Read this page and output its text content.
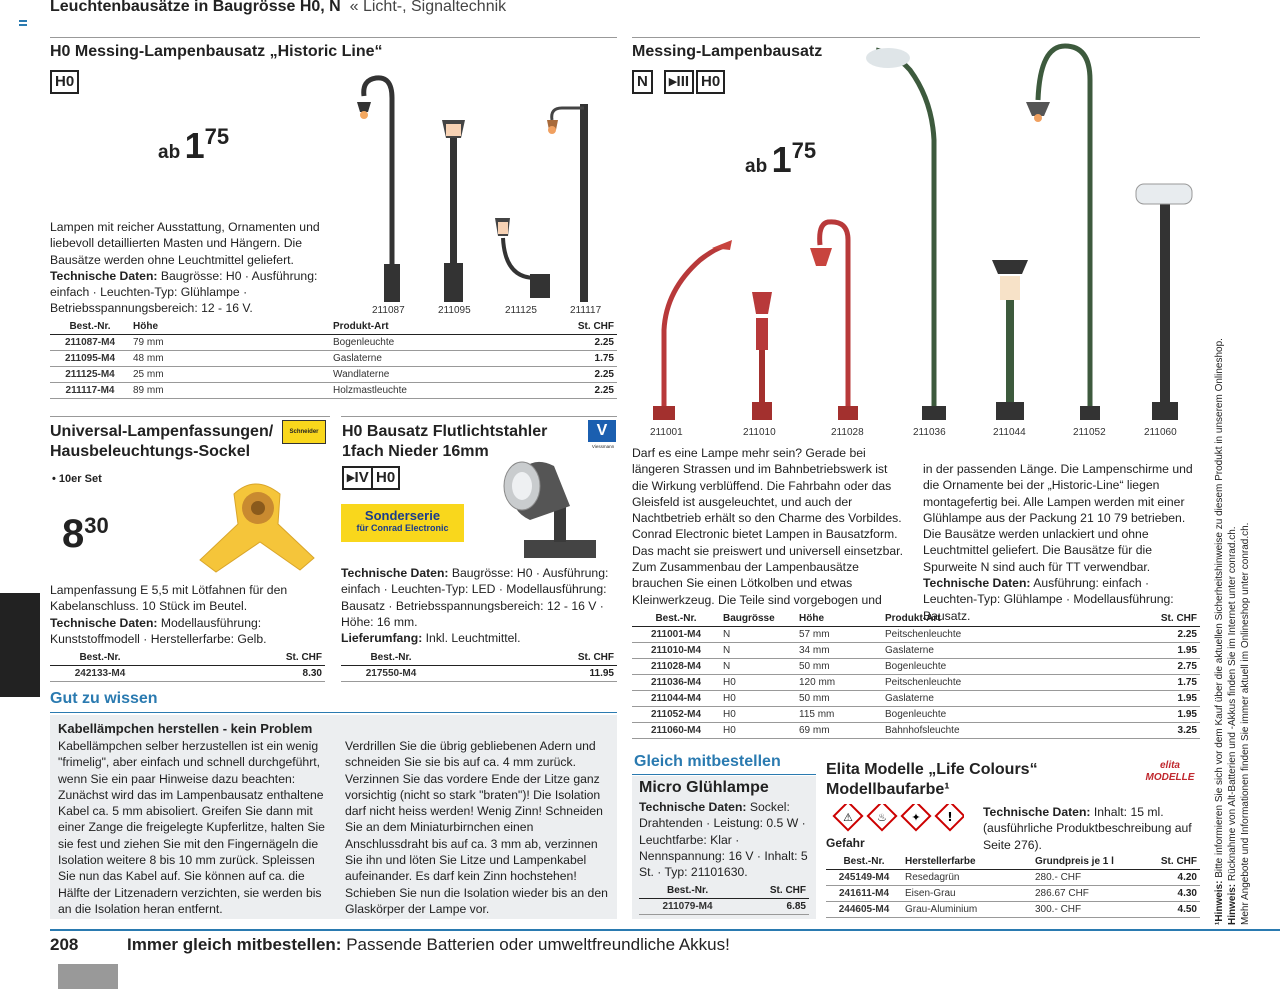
Leuchtenbausätze in Baugrösse H0, N « Licht-, Signaltechnik
H0 Messing-Lampenbausatz „Historic Line“
H0
ab $1^{75}$
211087	211095	211125	211117
Lampen mit reicher Ausstattung, Ornamenten und liebevoll detaillierten Masten und Hängern. Die Bausätze werden ohne Leuchtmittel geliefert.
Technische Daten: Baugrösse: H0 · Ausführung: einfach · Leuchten-Typ: Glühlampe · Betriebsspannungsbereich: 12 - 16 V.
Best.-Nr.	Höhe	Produkt-Art	St. CHF
211087-M4	79 mm	Bogenleuchte	2.25
211095-M4	48 mm	Gaslaterne	1.75
211125-M4	25 mm	Wandlaterne	2.25
211117-M4	89 mm	Holzmastleuchte	2.25
Messing-Lampenbausatz
N	▸III H0
ab $1^{75}$
211001	211010	211028	211036	211044	211052	211060
Darf es eine Lampe mehr sein? Gerade bei längeren Strassen und im Bahnbetriebswerk ist die Wirkung verblüffend. Die Fahrbahn oder das Gleisfeld ist ausgeleuchtet, und auch der Nachtbetrieb erhält so den Charme des Vorbildes. Conrad Electronic bietet Lampen in Bausatzform. Das macht sie preiswert und universell einsetzbar. Zum Zusammenbau der Lampenbausätze brauchen Sie einen Lötkolben und etwas Kleinwerkzeug. Die Teile sind vorgebogen und
in der passenden Länge. Die Lampenschirme und die Ornamente bei der „Historic-Line“ liegen montagefertig bei. Alle Lampen werden mit einer Glühlampe aus der Packung 21 10 79 betrieben. Die Bausätze werden unlackiert und ohne Leuchtmittel geliefert. Die Bausätze für die Spurweite N sind auch für TT verwendbar.
Technische Daten: Ausführung: einfach · Leuchten-Typ: Glühlampe · Modellausführung: Bausatz.
Best.-Nr.	Baugrösse	Höhe	Produkt-Art	St. CHF
211001-M4	N	57 mm	Peitschenleuchte	2.25
211010-M4	N	34 mm	Gaslaterne	1.95
211028-M4	N	50 mm	Bogenleuchte	2.75
211036-M4	H0	120 mm	Peitschenleuchte	1.75
211044-M4	H0	50 mm	Gaslaterne	1.95
211052-M4	H0	115 mm	Bogenleuchte	1.95
211060-M4	H0	69 mm	Bahnhofsleuchte	3.25
Universal-Lampenfassungen/ Hausbeleuchtungs-Sockel
Schneider
• 10er Set
$8^{30}$
Lampenfassung E 5,5 mit Lötfahnen für den Kabelanschluss. 10 Stück im Beutel.
Technische Daten: Modellausführung: Kunststoffmodell · Herstellerfarbe: Gelb.
Best.-Nr.	St. CHF
242133-M4	8.30
H0 Bausatz Flutlichtstahler 1fach Nieder 16mm
V
Viessmann
▸IV H0
Sonderserie
für Conrad Electronic
Technische Daten: Baugrösse: H0 · Ausführung: einfach · Leuchten-Typ: LED · Modellausführung: Bausatz · Betriebsspannungsbereich: 12 - 16 V · Höhe: 16 mm.
Lieferumfang: Inkl. Leuchtmittel.
Best.-Nr.	St. CHF
217550-M4	11.95
Gut zu wissen
Kabellämpchen herstellen - kein Problem
Kabellämpchen selber herzustellen ist ein wenig "frimelig", aber einfach und schnell durchgeführt, wenn Sie ein paar Hinweise dazu beachten: Zunächst wird das im Lampenbausatz enthaltene Kabel ca. 5 mm abisoliert. Greifen Sie dann mit einer Zange die freigelegte Kupferlitze, halten Sie sie fest und ziehen Sie mit den Fingernägeln die Isolation weitere 8 bis 10 mm zurück. Spleissen Sie nun das Kabel auf. Sie können auf ca. die Hälfte der Litzenadern verzichten, sie werden bis an die Isolation heran entfernt.
Verdrillen Sie die übrig gebliebenen Adern und schneiden Sie sie bis auf ca. 4 mm zurück. Verzinnen Sie das vordere Ende der Litze ganz vorsichtig (nicht so stark "braten")! Die Isolation darf nicht heiss werden! Wenig Zinn! Schneiden Sie an dem Miniaturbirnchen einen Anschlussdraht bis auf ca. 3 mm ab, verzinnen Sie ihn und löten Sie Litze und Lampenkabel aufeinander. Es darf kein Zinn hochstehen! Schieben Sie nun die Isolation wieder bis an den Glaskörper der Lampe vor.
Gleich mitbestellen
Micro Glühlampe
Technische Daten: Sockel: Drahtenden · Leistung: 0.5 W · Leuchtfarbe: Klar · Nennspannung: 16 V · Inhalt: 5 St. · Typ: 21101630.
Best.-Nr.	St. CHF
211079-M4	6.85
Elita Modelle „Life Colours“ Modellbaufarbe¹
elita MODELLE
⚠ ♨ ✦ !
Gefahr
Technische Daten: Inhalt: 15 ml. (ausführliche Produktbeschreibung auf Seite 276).
Best.-Nr.	Herstellerfarbe	Grundpreis je 1 l	St. CHF
245149-M4	Resedagrün	280.- CHF	4.20
241611-M4	Eisen-Grau	286.67 CHF	4.30
244605-M4	Grau-Aluminium	300.- CHF	4.50 ¹Hinweis: Bitte informieren Sie sich vor dem Kauf über die aktuellen Sicherheitshinweise zu diesem Produkt in unserem Onlineshop.
Hinweis: Rücknahme von Alt-Batterien und -Akkus finden Sie im Internet unter conrad.ch. Mehr Angebote und Informationen finden Sie immer aktuell im Onlineshop unter conrad.ch.
208	Immer gleich mitbestellen: Passende Batterien oder umweltfreundliche Akkus!
